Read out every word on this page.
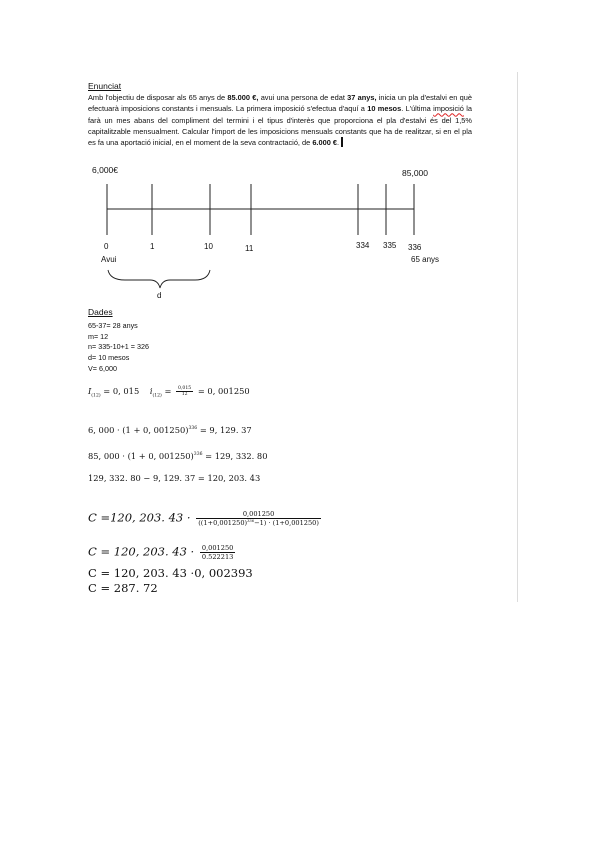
Enunciat
Amb l'objectiu de disposar als 65 anys de 85.000 €, avui una persona de edat 37 anys, inicia un pla d'estalvi en què efectuarà imposicions constants i mensuals. La primera imposició s'efectua d'aquí a 10 mesos. L'última imposició la farà un mes abans del compliment del termini i el tipus d'interès que proporciona el pla d'estalvi és del 1,5% capitalitzable mensualment. Calcular l'import de les imposicions mensuals constants que ha de realitzar, si en el pla es fa una aportació inicial, en el moment de la seva contractació, de 6.000 €.
6,000€	85,000
0	1	10	11	334 335 336
Avui	65 anys
d
Dades
65-37= 28 anys
m= 12
n= 335-10+1 = 326
d= 10 mesos
V= 6,000
$I_{(12)} = 0$, 015 $i_{(12)} = \frac{0,015}{12} = 0$, 001250
6, 000 · (1 + 0, 001250)$^{336}$ = 9, 129. 37
85, 000 · (1 + 0, 001250)$^{336}$ = 129, 332. 80
129, 332. 80 − 9, 129. 37 = 120, 203. 43
C =120, 203. $43 \cdot \frac{0,001250}{((1+0,001250)^{336}-1) \cdot (1+0,001250)}$
C = 120, 203. $43 \cdot \frac{0,001250}{0.522213}$
C = 120, 203. 43 ·0, 002393
C = 287. 72
